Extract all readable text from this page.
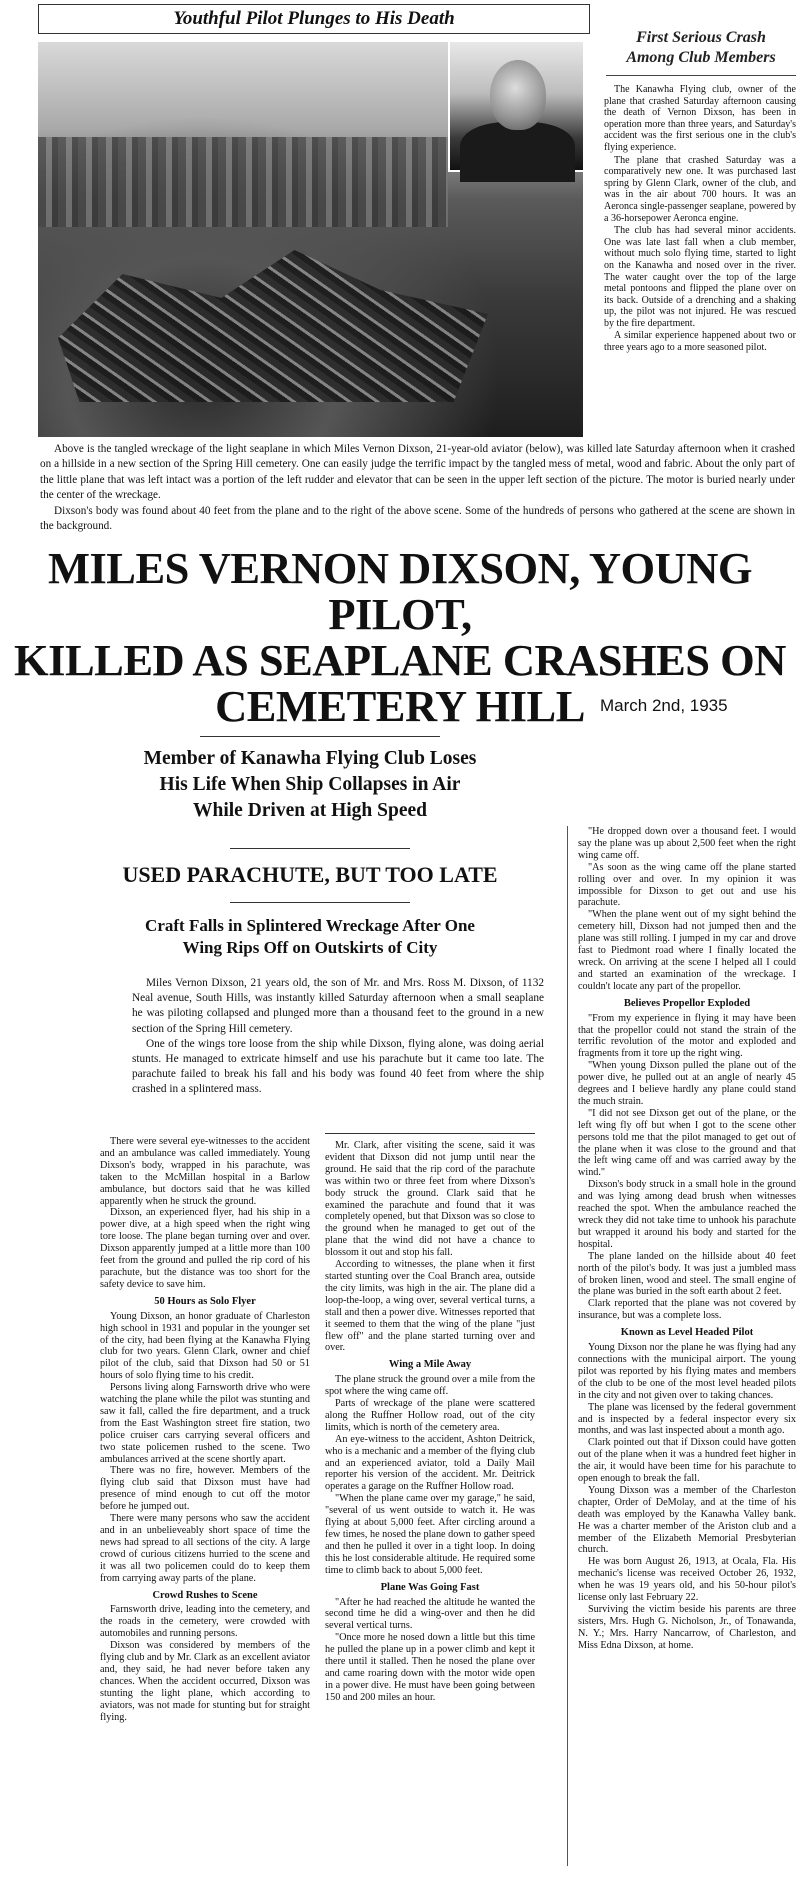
Youthful Pilot Plunges to His Death
First Serious Crash
Among Club Members

The Kanawha Flying club, owner of the plane that crashed Saturday afternoon causing the death of Vernon Dixson, has been in operation more than three years, and Saturday's accident was the first serious one in the club's flying experience.

The plane that crashed Saturday was a comparatively new one. It was purchased last spring by Glenn Clark, owner of the club, and was in the air about 700 hours. It was an Aeronca single-passenger seaplane, powered by a 36-horsepower Aeronca engine.

The club has had several minor accidents. One was late last fall when a club member, without much solo flying time, started to light on the Kanawha and nosed over in the river. The water caught over the top of the large metal pontoons and flipped the plane over on its back. Outside of a drenching and a shaking up, the pilot was not injured. He was rescued by the fire department.

A similar experience happened about two or three years ago to a more seasoned pilot.

Above is the tangled wreckage of the light seaplane in which Miles Vernon Dixson, 21-year-old aviator (below), was killed late Saturday afternoon when it crashed on a hillside in a new section of the Spring Hill cemetery. One can easily judge the terrific impact by the tangled mess of metal, wood and fabric. About the only part of the little plane that was left intact was a portion of the left rudder and elevator that can be seen in the upper left section of the picture. The motor is buried nearly under the center of the wreckage.

Dixson's body was found about 40 feet from the plane and to the right of the above scene. Some of the hundreds of persons who gathered at the scene are shown in the background.

MILES VERNON DIXSON, YOUNG PILOT,
KILLED AS SEAPLANE CRASHES ON
CEMETERY HILL March 2nd, 1935
Member of Kanawha Flying Club Loses
His Life When Ship Collapses in Air
While Driven at High Speed
USED PARACHUTE, BUT TOO LATE
Craft Falls in Splintered Wreckage After One
Wing Rips Off on Outskirts of City

Miles Vernon Dixson, 21 years old, the son of Mr. and Mrs. Ross M. Dixson, of 1132 Neal avenue, South Hills, was instantly killed Saturday afternoon when a small seaplane he was piloting collapsed and plunged more than a thousand feet to the ground in a new section of the Spring Hill cemetery.

One of the wings tore loose from the ship while Dixson, flying alone, was doing aerial stunts. He managed to extricate himself and use his parachute but it came too late. The parachute failed to break his fall and his body was found 40 feet from where the ship crashed in a splintered mass.

There were several eye-witnesses to the accident and an ambulance was called immediately. Young Dixson's body, wrapped in his parachute, was taken to the McMillan hospital in a Barlow ambulance, but doctors said that he was killed apparently when he struck the ground.

Dixson, an experienced flyer, had his ship in a power dive, at a high speed when the right wing tore loose. The plane began turning over and over. Dixson apparently jumped at a little more than 100 feet from the ground and pulled the rip cord of his parachute, but the distance was too short for the safety device to save him.

50 Hours as Solo Flyer

Young Dixson, an honor graduate of Charleston high school in 1931 and popular in the younger set of the city, had been flying at the Kanawha Flying club for two years. Glenn Clark, owner and chief pilot of the club, said that Dixson had 50 or 51 hours of solo flying time to his credit.

Persons living along Farnsworth drive who were watching the plane while the pilot was stunting and saw it fall, called the fire department, and a truck from the East Washington street fire station, two police cruiser cars carrying several officers and two state policemen rushed to the scene. Two ambulances arrived at the scene shortly apart.

There was no fire, however. Members of the flying club said that Dixson must have had presence of mind enough to cut off the motor before he jumped out.

There were many persons who saw the accident and in an unbelieveably short space of time the news had spread to all sections of the city. A large crowd of curious citizens hurried to the scene and it was all two policemen could do to keep them from carrying away parts of the plane.

Crowd Rushes to Scene

Farnsworth drive, leading into the cemetery, and the roads in the cemetery, were crowded with automobiles and running persons.

Dixson was considered by members of the flying club and by Mr. Clark as an excellent aviator and, they said, he had never before taken any chances. When the accident occurred, Dixson was stunting the light plane, which according to aviators, was not made for stunting but for straight flying.

Mr. Clark, after visiting the scene, said it was evident that Dixson did not jump until near the ground. He said that the rip cord of the parachute was within two or three feet from where Dixson's body struck the ground. Clark said that he examined the parachute and found that it was completely opened, but that Dixson was so close to the ground when he managed to get out of the plane that the wind did not have a chance to blossom it out and stop his fall.

According to witnesses, the plane when it first started stunting over the Coal Branch area, outside the city limits, was high in the air. The plane did a loop-the-loop, a wing over, several vertical turns, a stall and then a power dive. Witnesses reported that it seemed to them that the wing of the plane "just flew off" and the plane started turning over and over.

Wing a Mile Away

The plane struck the ground over a mile from the spot where the wing came off.

Parts of wreckage of the plane were scattered along the Ruffner Hollow road, out of the city limits, which is north of the cemetery area.

An eye-witness to the accident, Ashton Deitrick, who is a mechanic and a member of the flying club and an experienced aviator, told a Daily Mail reporter his version of the accident. Mr. Deitrick operates a garage on the Ruffner Hollow road.

"When the plane came over my garage," he said, "several of us went outside to watch it. He was flying at about 5,000 feet. After circling around a few times, he nosed the plane down to gather speed and then he pulled it over in a tight loop. In doing this he lost considerable altitude. He required some time to climb back to about 5,000 feet.

Plane Was Going Fast

"After he had reached the altitude he wanted the second time he did a wing-over and then he did several vertical turns.

"Once more he nosed down a little but this time he pulled the plane up in a power climb and kept it there until it stalled. Then he nosed the plane over and came roaring down with the motor wide open in a power dive. He must have been going between 150 and 200 miles an hour.

"He dropped down over a thousand feet. I would say the plane was up about 2,500 feet when the right wing came off.

"As soon as the wing came off the plane started rolling over and over. In my opinion it was impossible for Dixson to get out and use his parachute.

"When the plane went out of my sight behind the cemetery hill, Dixson had not jumped then and the plane was still rolling. I jumped in my car and drove fast to Piedmont road where I finally located the wreck. On arriving at the scene I helped all I could and started an examination of the wreckage. I couldn't locate any part of the propellor.

Believes Propellor Exploded

"From my experience in flying it may have been that the propellor could not stand the strain of the terrific revolution of the motor and exploded and fragments from it tore up the right wing.

"When young Dixson pulled the plane out of the power dive, he pulled out at an angle of nearly 45 degrees and I believe hardly any plane could stand the much strain.

"I did not see Dixson get out of the plane, or the left wing fly off but when I got to the scene other persons told me that the pilot managed to get out of the plane when it was close to the ground and that the left wing came off and was carried away by the wind."

Dixson's body struck in a small hole in the ground and was lying among dead brush when witnesses reached the spot. When the ambulance reached the wreck they did not take time to unhook his parachute but wrapped it around his body and started for the hospital.

The plane landed on the hillside about 40 feet north of the pilot's body. It was just a jumbled mass of broken linen, wood and steel. The small engine of the plane was buried in the soft earth about 2 feet.

Clark reported that the plane was not covered by insurance, but was a complete loss.

Known as Level Headed Pilot

Young Dixson nor the plane he was flying had any connections with the municipal airport. The young pilot was reported by his flying mates and members of the club to be one of the most level headed pilots in the city and not given over to taking chances.

The plane was licensed by the federal government and is inspected by a federal inspector every six months, and was last inspected about a month ago.

Clark pointed out that if Dixson could have gotten out of the plane when it was a hundred feet higher in the air, it would have been time for his parachute to open enough to break the fall.

Young Dixson was a member of the Charleston chapter, Order of DeMolay, and at the time of his death was employed by the Kanawha Valley bank. He was a charter member of the Ariston club and a member of the Elizabeth Memorial Presbyterian church.

He was born August 26, 1913, at Ocala, Fla. His mechanic's license was received October 26, 1932, when he was 19 years old, and his 50-hour pilot's license only last February 22.

Surviving the victim beside his parents are three sisters, Mrs. Hugh G. Nicholson, Jr., of Tonawanda, N. Y.; Mrs. Harry Nancarrow, of Charleston, and Miss Edna Dixson, at home.
